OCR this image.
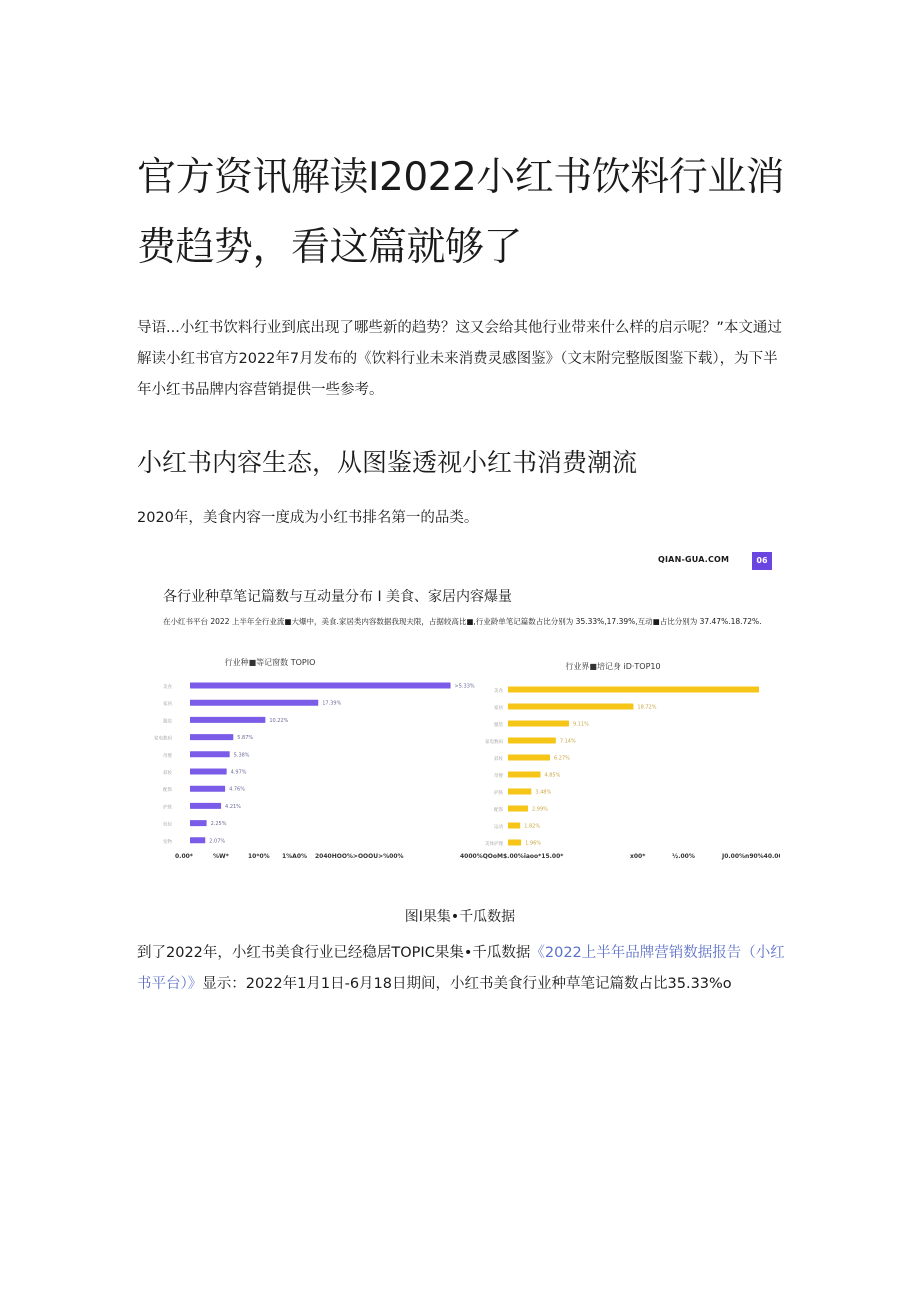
官方资讯解读I2022小红书饮料行业消费趋势，看这篇就够了
导语...小红书饮料行业到底出现了哪些新的趋势？这又会给其他行业带来什么样的启示呢？”本文通过解读小红书官方2022年7月发布的《饮料行业未来消费灵感图鉴》（文末附完整版图鉴下载），为下半年小红书品牌内容营销提供一些参考。
小红书内容生态，从图鉴透视小红书消费潮流
2020年，美食内容一度成为小红书排名第一的品类。
行业种■等记窗数 TOPIO
美食	>5.33%
家居	17.39%
服装	10.22%
家电数码	5.87%
母婴	5.38%
彩妆	4.97%
配饰	4.76%
护肤	4.21%
包包	2.25%
宠物	2.07%
0.00*	%W*	10*0% 1%A0% 2040HOO%>OOOU>%00%
行业界■培记身 iD·TOP10
美食
家居	18.72%
服装	9.11%
家电数码	7.14%
彩妆	6.27%
母婴	4.85%
护肤	3.48%
配饰	2.99%
运动	1.82%
美体护理	1.96%
4000%QOoM$.00%iaoo*15.00*	x00*	½.00%	J0.00%n90%40.00*
QIAN-GUA.COM	06
各行业种草笔记篇数与互动量分布 I 美食、家居内容爆量
在小红书平台 2022 上半年全行业流■大爆中，美食.家居类内容数据我现夫限，占据较高比■,行业龄单笔记篇数占比分别为 35.33%,17.39%,互动■占比分别为 37.47%.18.72%.
图I果集•千瓜数据
到了2022年，小红书美食行业已经稳居TOPIC果集•千瓜数据《2022上半年品牌营销数据报告（小红书平台）》显示：2022年1月1日-6月18日期间，小红书美食行业种草笔记篇数占比35.33%o
